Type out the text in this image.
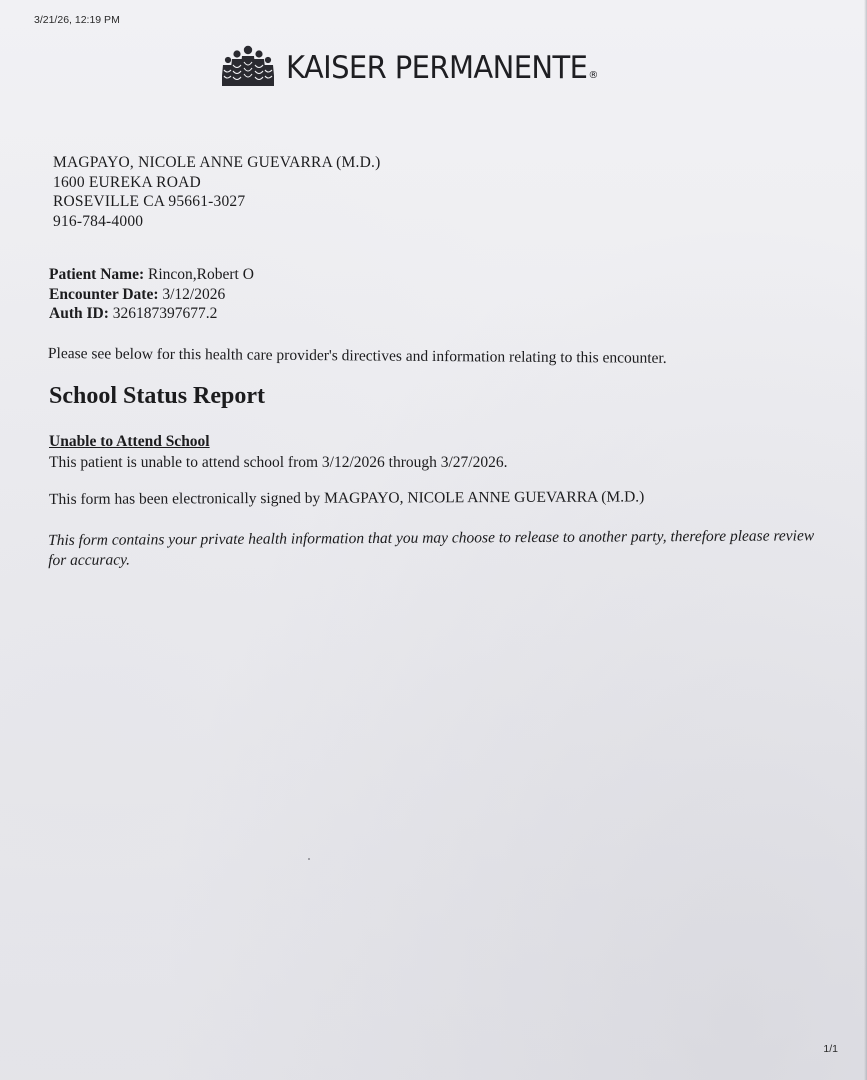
3/21/26, 12:19 PM
KAISER PERMANENTE ®
MAGPAYO, NICOLE ANNE GUEVARRA (M.D.)
1600 EUREKA ROAD
ROSEVILLE CA 95661-3027
916-784-4000
Patient Name: Rincon,Robert O
Encounter Date: 3/12/2026
Auth ID: 326187397677.2
Please see below for this health care provider's directives and information relating to this encounter.
School Status Report
Unable to Attend School
This patient is unable to attend school from 3/12/2026 through 3/27/2026.
This form has been electronically signed by MAGPAYO, NICOLE ANNE GUEVARRA (M.D.)
This form contains your private health information that you may choose to release to another party, therefore please review for accuracy.
1/1
